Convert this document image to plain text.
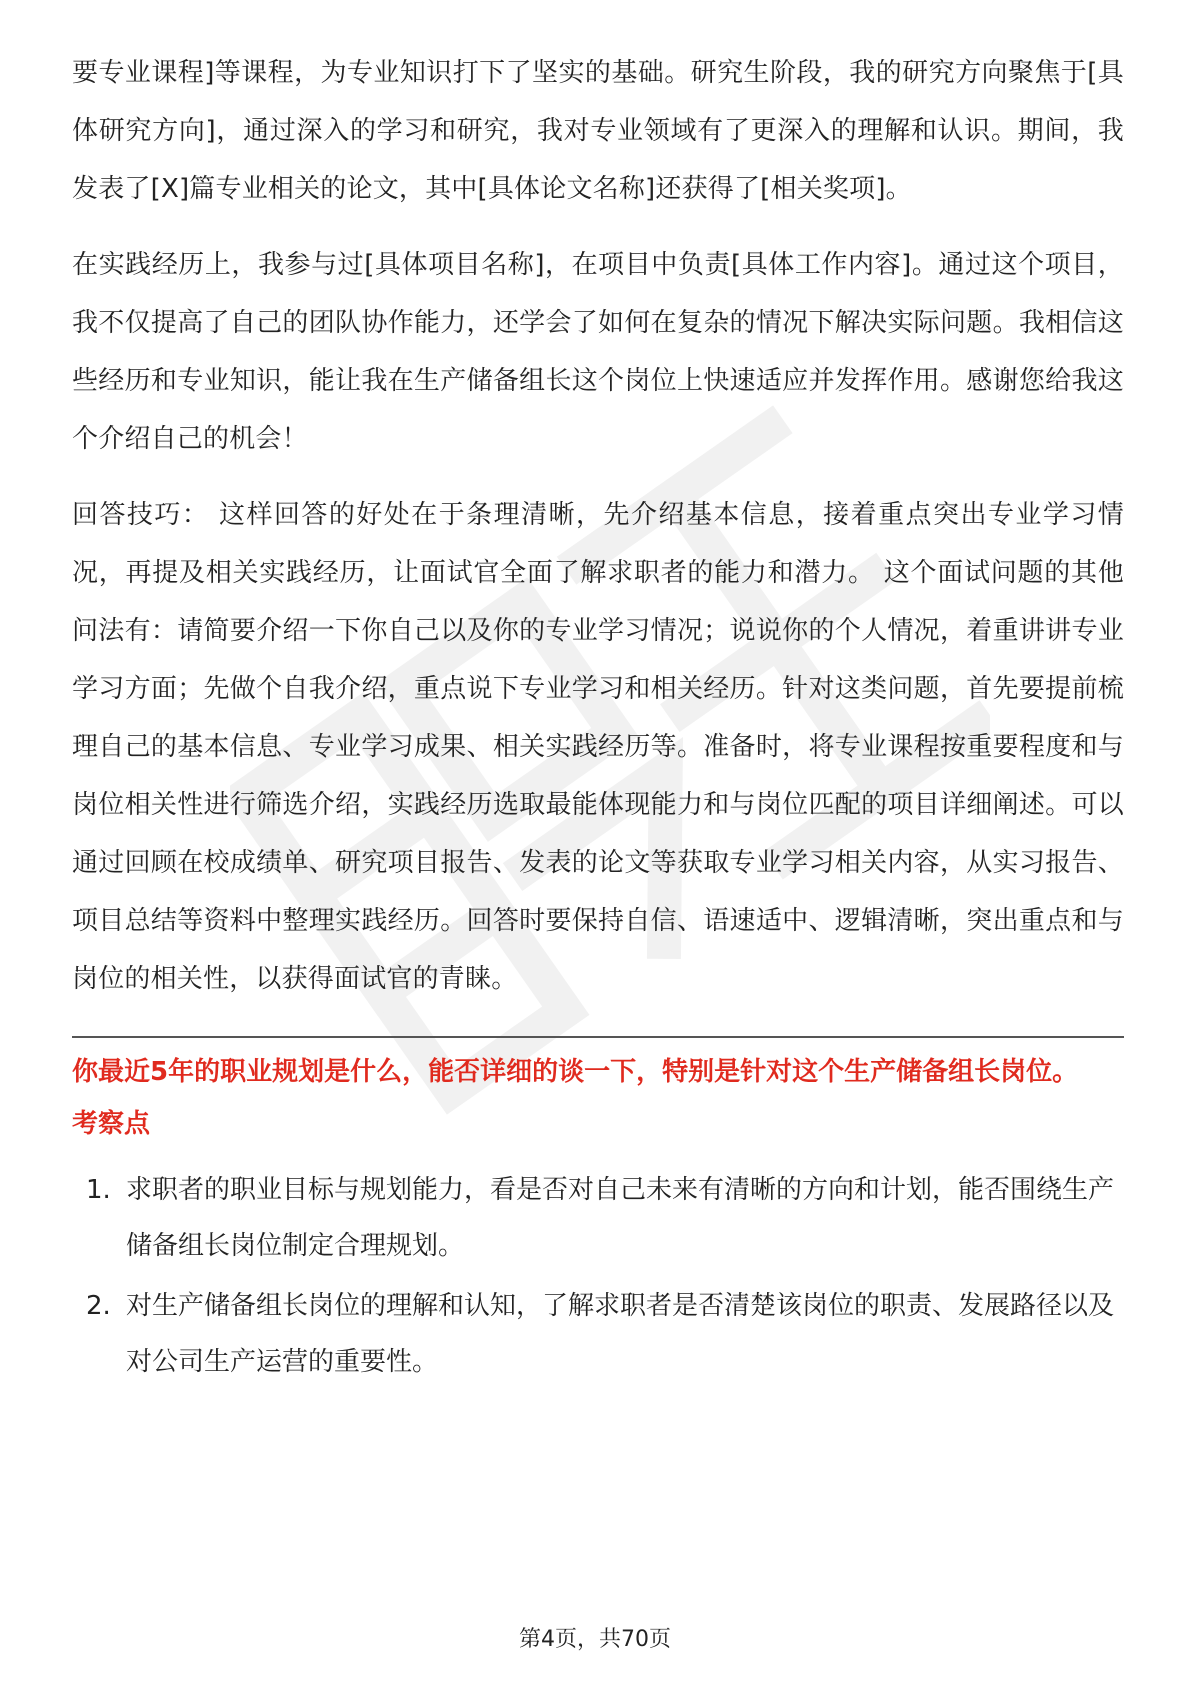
要专业课程]等课程，为专业知识打下了坚实的基础。研究生阶段，我的研究方向聚焦于[具体研究方向]，通过深入的学习和研究，我对专业领域有了更深入的理解和认识。期间，我发表了[X]篇专业相关的论文，其中[具体论文名称]还获得了[相关奖项]。

在实践经历上，我参与过[具体项目名称]，在项目中负责[具体工作内容]。通过这个项目，我不仅提高了自己的团队协作能力，还学会了如何在复杂的情况下解决实际问题。我相信这些经历和专业知识，能让我在生产储备组长这个岗位上快速适应并发挥作用。感谢您给我这个介绍自己的机会！

回答技巧： 这样回答的好处在于条理清晰，先介绍基本信息，接着重点突出专业学习情况，再提及相关实践经历，让面试官全面了解求职者的能力和潜力。 这个面试问题的其他问法有：请简要介绍一下你自己以及你的专业学习情况；说说你的个人情况，着重讲讲专业学习方面；先做个自我介绍，重点说下专业学习和相关经历。针对这类问题，首先要提前梳理自己的基本信息、专业学习成果、相关实践经历等。准备时，将专业课程按重要程度和与岗位相关性进行筛选介绍，实践经历选取最能体现能力和与岗位匹配的项目详细阐述。可以通过回顾在校成绩单、研究项目报告、发表的论文等获取专业学习相关内容，从实习报告、项目总结等资料中整理实践经历。回答时要保持自信、语速适中、逻辑清晰，突出重点和与岗位的相关性，以获得面试官的青睐。

你最近5年的职业规划是什么，能否详细的谈一下，特别是针对这个生产储备组长岗位。

考察点

1. 求职者的职业目标与规划能力，看是否对自己未来有清晰的方向和计划，能否围绕生产储备组长岗位制定合理规划。
2. 对生产储备组长岗位的理解和认知，了解求职者是否清楚该岗位的职责、发展路径以及对公司生产运营的重要性。
第4页，共70页
